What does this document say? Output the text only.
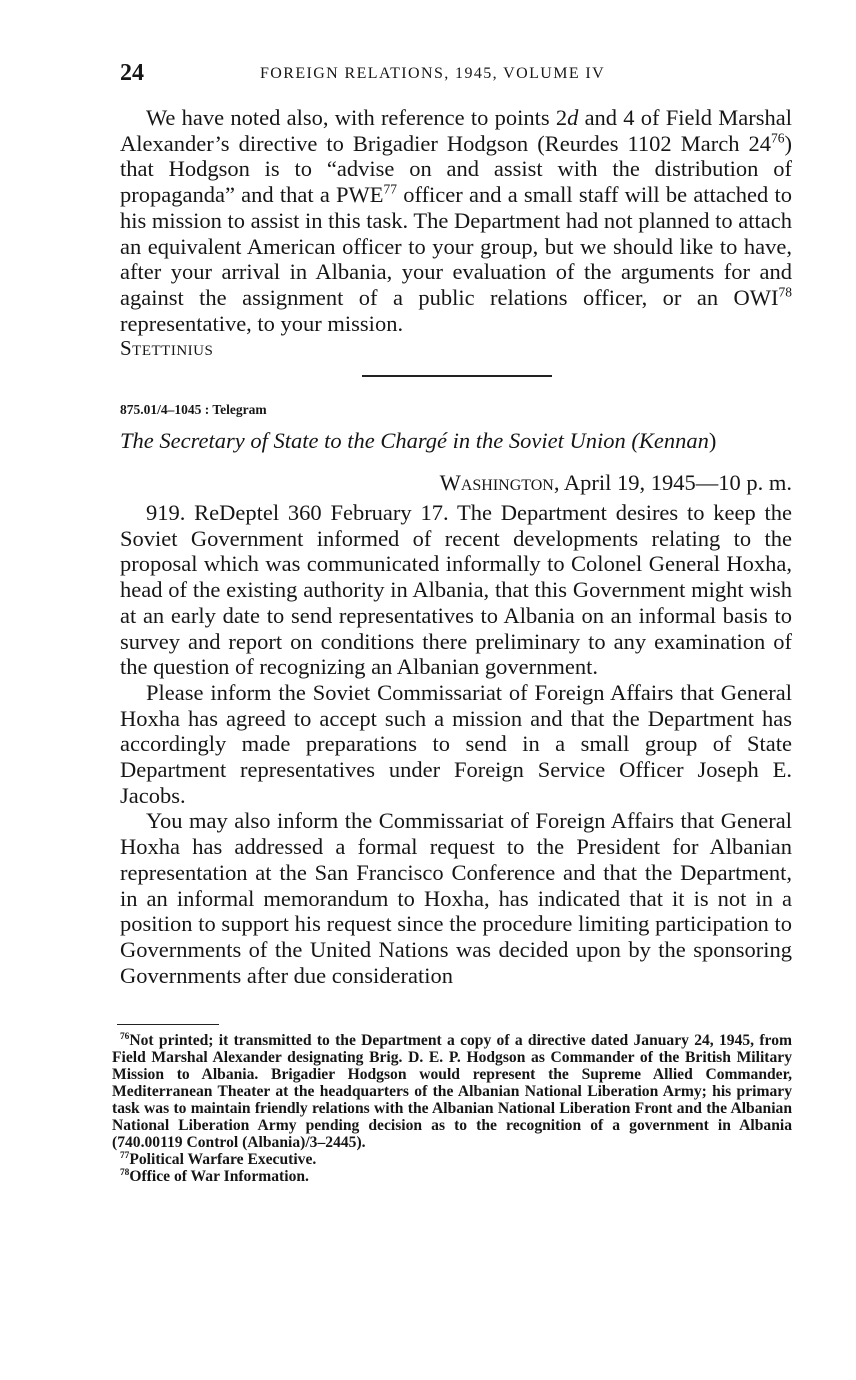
24	FOREIGN RELATIONS, 1945, VOLUME IV

We have noted also, with reference to points 2d and 4 of Field Marshal Alexander’s directive to Brigadier Hodgson (Reurdes 1102 March $24^{76}$) that Hodgson is to “advise on and assist with the distribution of propaganda” and that a PWE$^{77}$ officer and a small staff will be attached to his mission to assist in this task. The Department had not planned to attach an equivalent American officer to your group, but we should like to have, after your arrival in Albania, your evaluation of the arguments for and against the assignment of a public relations officer, or an OWI$^{78}$ representative, to your mission.

Stettinius

875.01/4–1045 : Telegram
The Secretary of State to the Chargé in the Soviet Union (Kennan)
Washington, April 19, 1945—10 p. m.

919. ReDeptel 360 February 17. The Department desires to keep the Soviet Government informed of recent developments relating to the proposal which was communicated informally to Colonel General Hoxha, head of the existing authority in Albania, that this Government might wish at an early date to send representatives to Albania on an informal basis to survey and report on conditions there preliminary to any examination of the question of recognizing an Albanian government.

Please inform the Soviet Commissariat of Foreign Affairs that General Hoxha has agreed to accept such a mission and that the Department has accordingly made preparations to send in a small group of State Department representatives under Foreign Service Officer Joseph E. Jacobs.

You may also inform the Commissariat of Foreign Affairs that General Hoxha has addressed a formal request to the President for Albanian representation at the San Francisco Conference and that the Department, in an informal memorandum to Hoxha, has indicated that it is not in a position to support his request since the procedure limiting participation to Governments of the United Nations was decided upon by the sponsoring Governments after due consideration

$^{76}$Not printed; it transmitted to the Department a copy of a directive dated January 24, 1945, from Field Marshal Alexander designating Brig. D. E. P. Hodgson as Commander of the British Military Mission to Albania. Brigadier Hodgson would represent the Supreme Allied Commander, Mediterranean Theater at the headquarters of the Albanian National Liberation Army; his primary task was to maintain friendly relations with the Albanian National Liberation Front and the Albanian National Liberation Army pending decision as to the recognition of a government in Albania (740.00119 Control (Albania)/3–2445).

$^{77}$Political Warfare Executive.

$^{78}$Office of War Information.
